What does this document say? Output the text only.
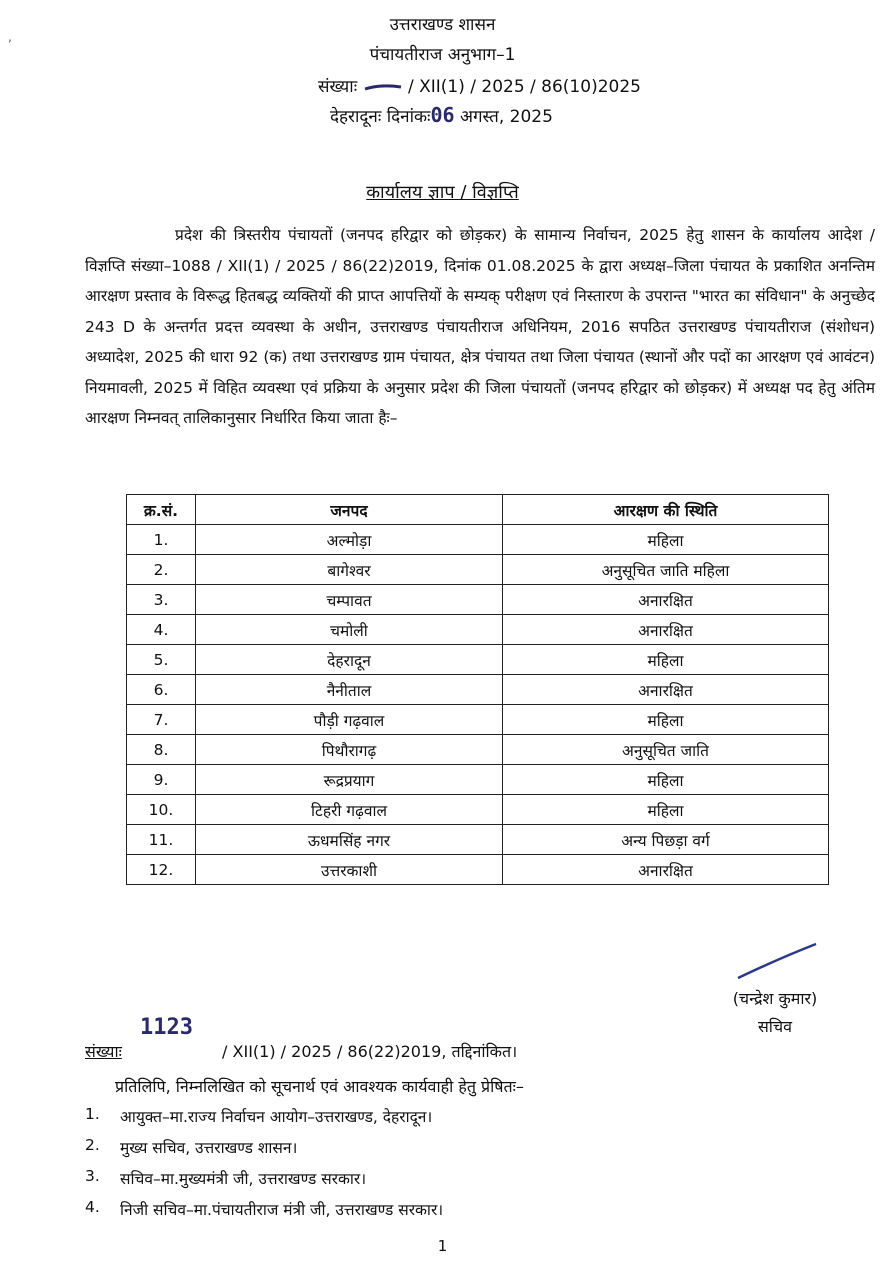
,
उत्तराखण्ड शासन
पंचायतीराज अनुभाग–1
संख्याः	/ XII(1) / 2025 / 86(10)2025
देहरादूनः दिनांकः06 अगस्त, 2025
कार्यालय ज्ञाप / विज्ञप्ति
प्रदेश की त्रिस्तरीय पंचायतों (जनपद हरिद्वार को छोड़कर) के सामान्य निर्वाचन, 2025 हेतु शासन के कार्यालय आदेश / विज्ञप्ति संख्या–1088 / XII(1) / 2025 / 86(22)2019, दिनांक 01.08.2025 के द्वारा अध्यक्ष–जिला पंचायत के प्रकाशित अनन्तिम आरक्षण प्रस्ताव के विरूद्ध हितबद्ध व्यक्तियों की प्राप्त आपत्तियों के सम्यक् परीक्षण एवं निस्तारण के उपरान्त "भारत का संविधान" के अनुच्छेद 243 D के अन्तर्गत प्रदत्त व्यवस्था के अधीन, उत्तराखण्ड पंचायतीराज अधिनियम, 2016 सपठित उत्तराखण्ड पंचायतीराज (संशोधन) अध्यादेश, 2025 की धारा 92 (क) तथा उत्तराखण्ड ग्राम पंचायत, क्षेत्र पंचायत तथा जिला पंचायत (स्थानों और पदों का आरक्षण एवं आवंटन) नियमावली, 2025 में विहित व्यवस्था एवं प्रक्रिया के अनुसार प्रदेश की जिला पंचायतों (जनपद हरिद्वार को छोड़कर) में अध्यक्ष पद हेतु अंतिम आरक्षण निम्नवत् तालिकानुसार निर्धारित किया जाता हैः–
क्र.सं.	जनपद	आरक्षण की स्थिति
1.	अल्मोड़ा	महिला
2.	बागेश्वर	अनुसूचित जाति महिला
3.	चम्पावत	अनारक्षित
4.	चमोली	अनारक्षित
5.	देहरादून	महिला
6.	नैनीताल	अनारक्षित
7.	पौड़ी गढ़वाल	महिला
8.	पिथौरागढ़	अनुसूचित जाति
9.	रूद्रप्रयाग	महिला
10.	टिहरी गढ़वाल	महिला
11.	ऊधमसिंह नगर	अन्य पिछड़ा वर्ग
12.	उत्तरकाशी	अनारक्षित
(चन्द्रेश कुमार)
सचिव
1123
संख्याः	/ XII(1) / 2025 / 86(22)2019, तद्दिनांकित।
प्रतिलिपि, निम्नलिखित को सूचनार्थ एवं आवश्यक कार्यवाही हेतु प्रेषितः–
1.	आयुक्त–मा.राज्य निर्वाचन आयोग–उत्तराखण्ड, देहरादून।
2.	मुख्य सचिव, उत्तराखण्ड शासन।
3.	सचिव–मा.मुख्यमंत्री जी, उत्तराखण्ड सरकार।
4.	निजी सचिव–मा.पंचायतीराज मंत्री जी, उत्तराखण्ड सरकार।
1
